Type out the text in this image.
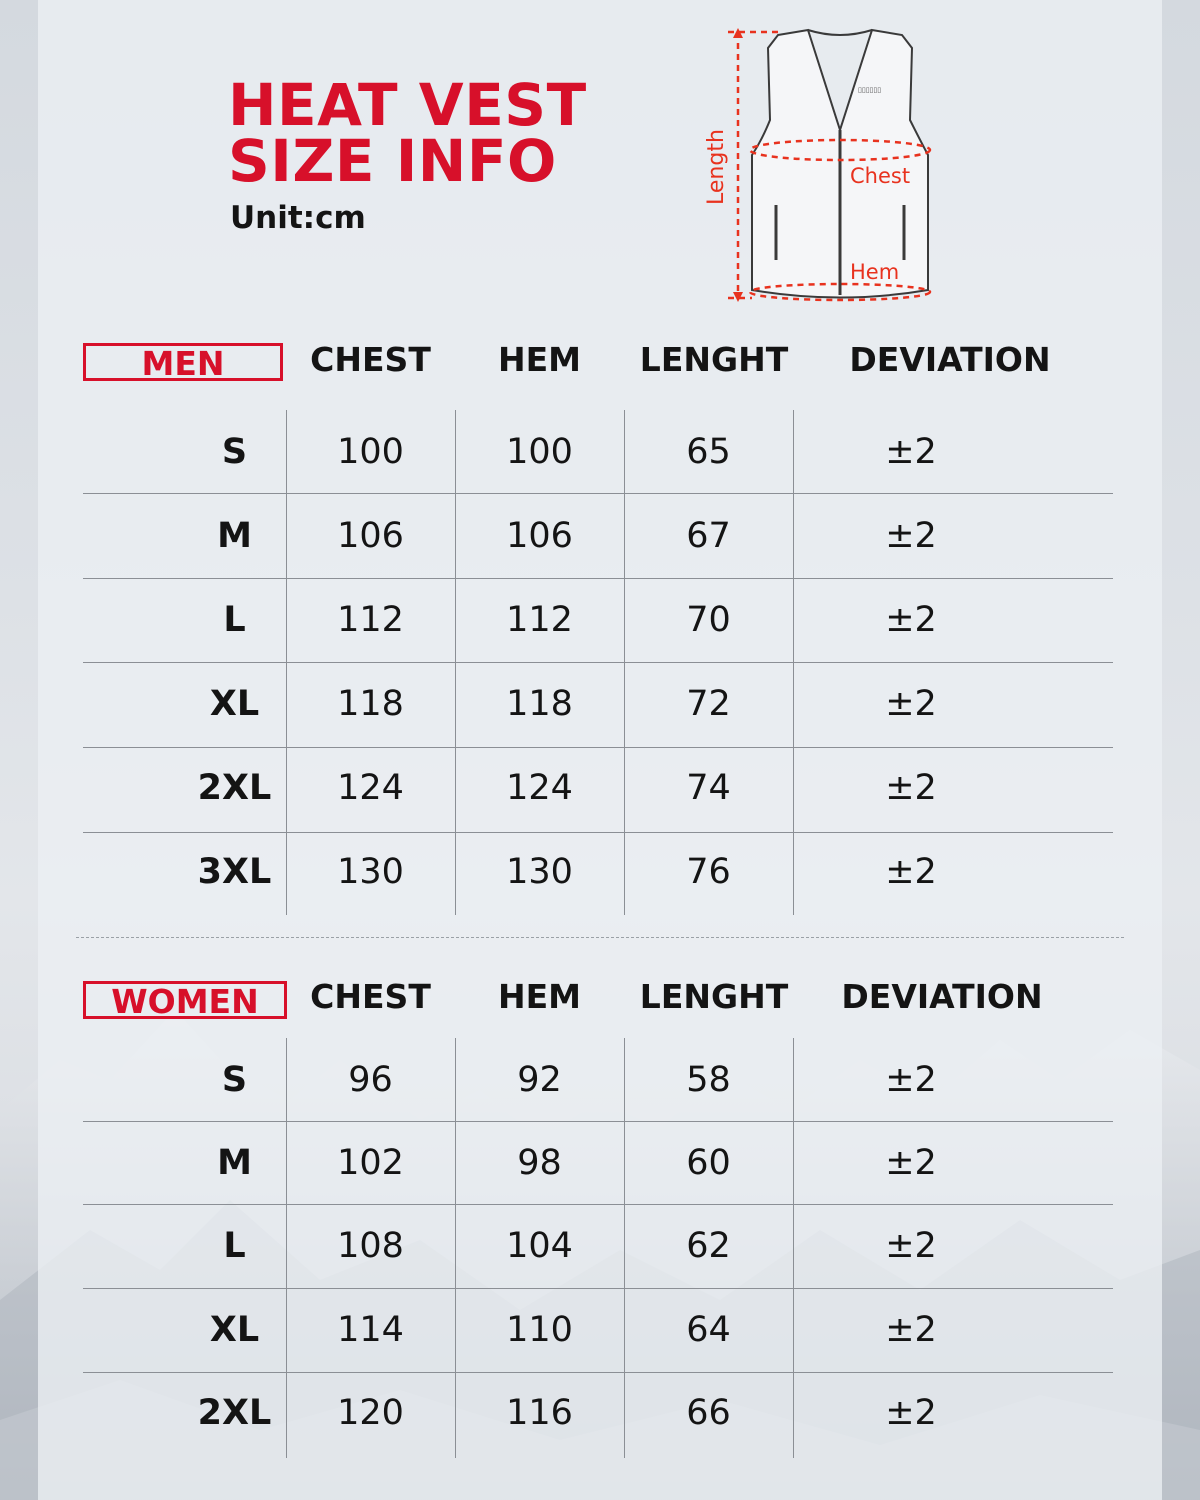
HEAT VEST
SIZE INFO
Unit:cm
▯▯▯▯▯▯
Length	Chest
Hem
MEN	CHEST	HEM	LENGHT	DEVIATION
S	100	100	65	±2
M	106	106	67	±2
L	112	112	70	±2
XL	118	118	72	±2
2XL	124	124	74	±2
3XL	130	130	76	±2
WOMEN	CHEST	HEM	LENGHT	DEVIATION
S	96	92	58	±2
M	102	98	60	±2
L	108	104	62	±2
XL	114	110	64	±2
2XL	120	116	66	±2
